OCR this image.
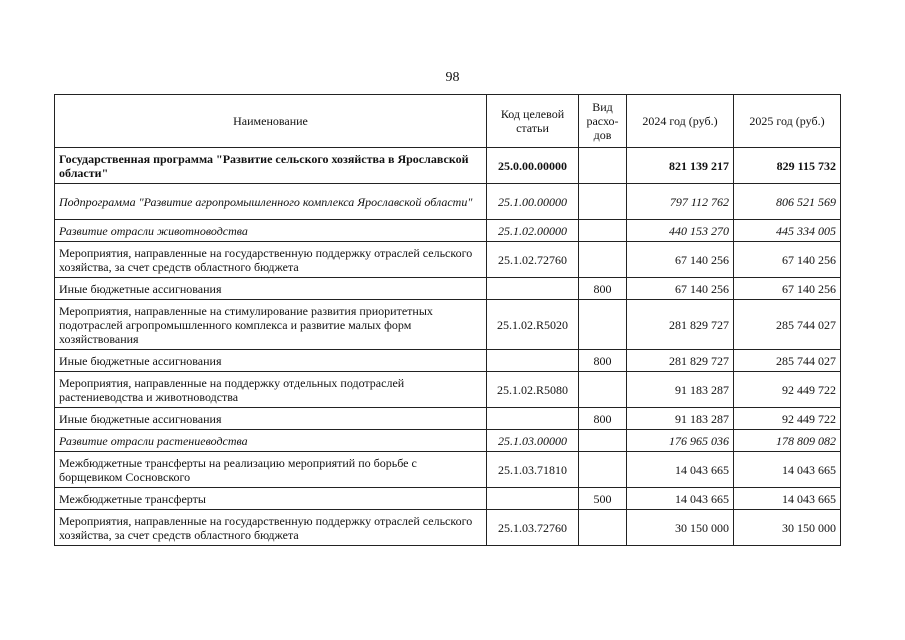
98
Наименование	Код целевой статьи	Вид расхо-дов	2024 год (руб.)	2025 год (руб.)
Государственная программа "Развитие сельского хозяйства в Ярославской области"	25.0.00.00000		821 139 217	829 115 732
Подпрограмма "Развитие агропромышленного комплекса Ярославской области"	25.1.00.00000		797 112 762	806 521 569
Развитие отрасли животноводства	25.1.02.00000		440 153 270	445 334 005
Мероприятия, направленные на государственную поддержку отраслей сельского хозяйства, за счет средств областного бюджета	25.1.02.72760		67 140 256	67 140 256
Иные бюджетные ассигнования		800	67 140 256	67 140 256
Мероприятия, направленные на стимулирование развития приоритетных подотраслей агропромышленного комплекса и развитие малых форм хозяйствования	25.1.02.R5020		281 829 727	285 744 027
Иные бюджетные ассигнования		800	281 829 727	285 744 027
Мероприятия, направленные на поддержку отдельных подотраслей растениеводства и животноводства	25.1.02.R5080		91 183 287	92 449 722
Иные бюджетные ассигнования		800	91 183 287	92 449 722
Развитие отрасли растениеводства	25.1.03.00000		176 965 036	178 809 082
Межбюджетные трансферты на реализацию мероприятий по борьбе с борщевиком Сосновского	25.1.03.71810		14 043 665	14 043 665
Межбюджетные трансферты		500	14 043 665	14 043 665
Мероприятия, направленные на государственную поддержку отраслей сельского хозяйства, за счет средств областного бюджета	25.1.03.72760		30 150 000	30 150 000
